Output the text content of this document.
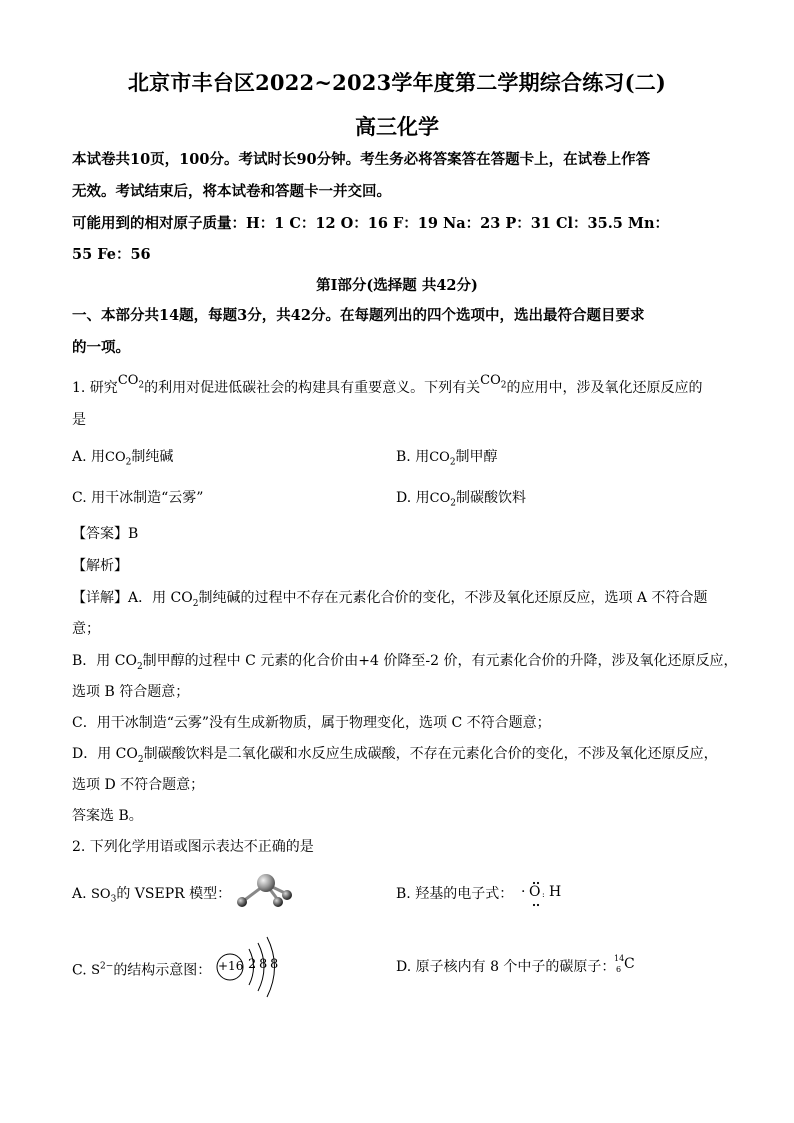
北京市丰台区2022~2023学年度第二学期综合练习(二)
高三化学
本试卷共10页，100分。考试时长90分钟。考生务必将答案答在答题卡上，在试卷上作答
无效。考试结束后，将本试卷和答题卡一并交回。
可能用到的相对原子质量：H：1 C：12 O：16 F：19 Na：23 P：31 Cl：35.5 Mn：
55 Fe：56
第Ⅰ部分(选择题 共42分)
一、本部分共14题，每题3分，共42分。在每题列出的四个选项中，选出最符合题目要求
的一项。
1. 研究$CO_2$的利用对促进低碳社会的构建具有重要意义。下列有关$CO_2$的应用中，涉及氧化还原反应的
是
A. 用$CO_2$制纯碱	B. 用$CO_2$制甲醇
C. 用干冰制造“云雾”	D. 用$CO_2$制碳酸饮料
【答案】B
【解析】
【详解】A．用 $CO_2$制纯碱的过程中不存在元素化合价的变化，不涉及氧化还原反应，选项 A 不符合题
意；
B．用 $CO_2$制甲醇的过程中 C 元素的化合价由+4 价降至-2 价，有元素化合价的升降，涉及氧化还原反应，
选项 B 符合题意；
C．用干冰制造“云雾”没有生成新物质，属于物理变化，选项 C 不符合题意；
D．用 $CO_2$制碳酸饮料是二氧化碳和水反应生成碳酸，不存在元素化合价的变化，不涉及氧化还原反应，
选项 D 不符合题意；
答案选 B。
2. 下列化学用语或图示表达不正确的是
A. $SO_3$的 VSEPR 模型：	B. 羟基的电子式： · O : H
C. $S^{2-}$的结构示意图： +16 2 8 8	D. 原子核内有 8 个中子的碳原子：
14
6 C
